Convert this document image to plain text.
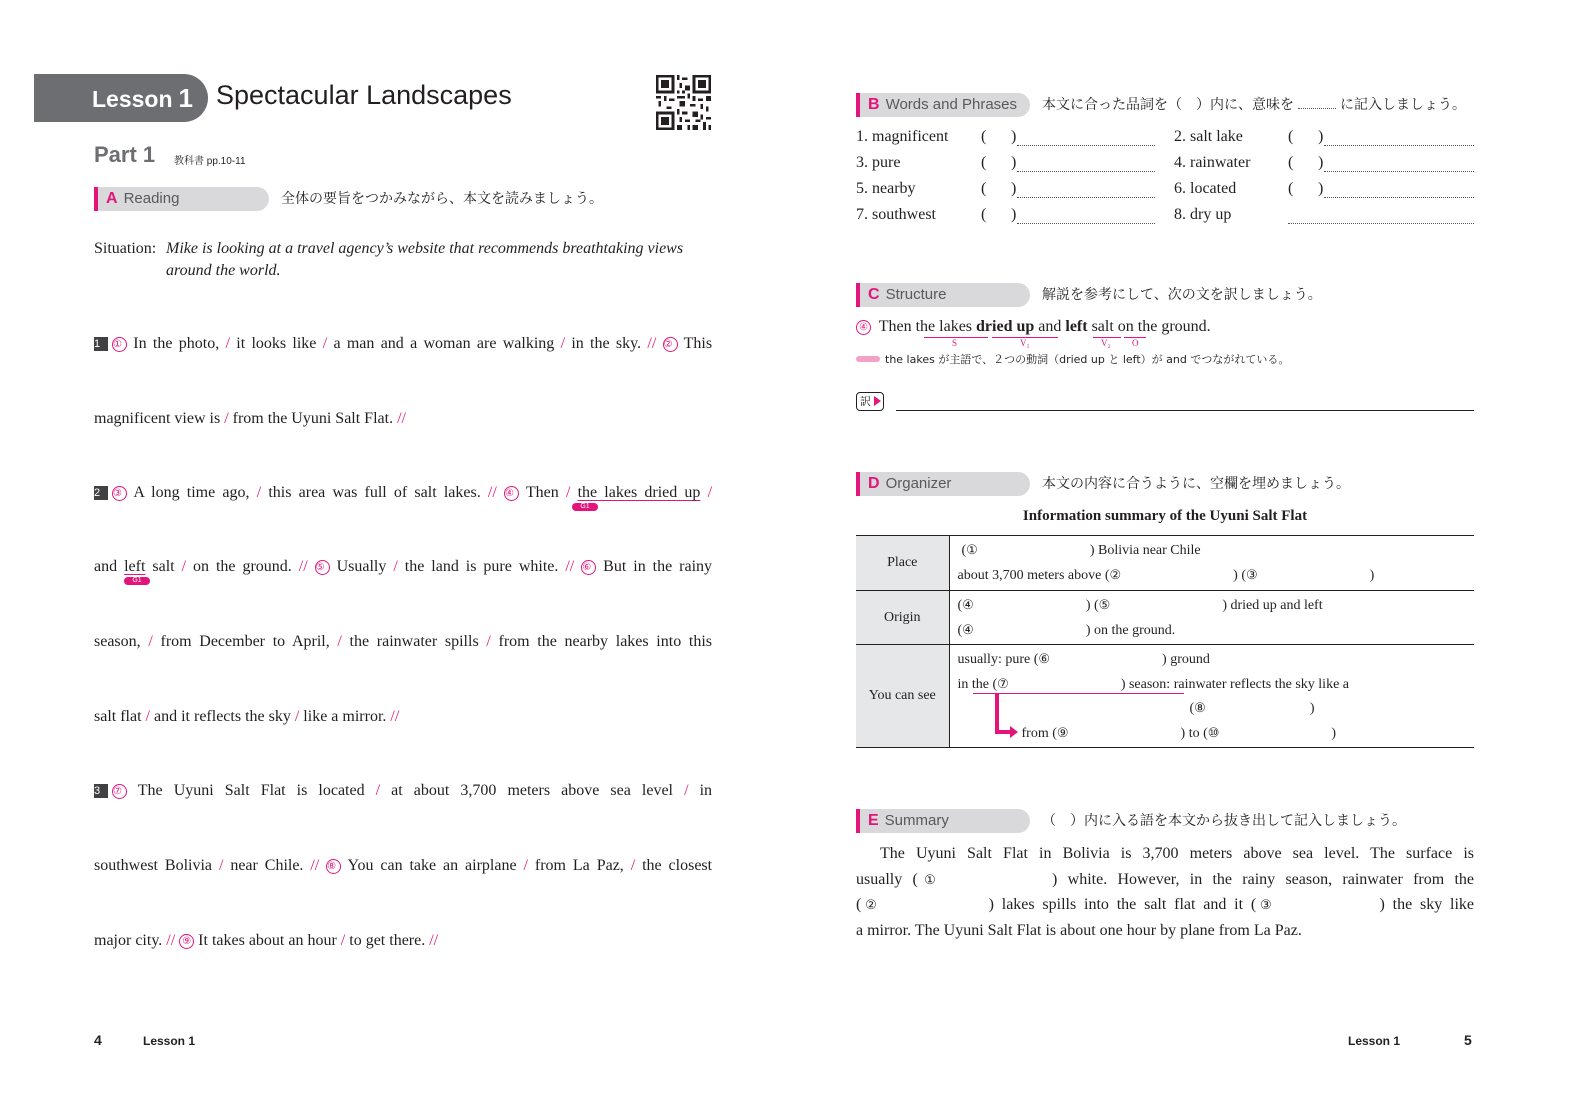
Lesson 1 Spectacular Landscapes
Part 1 教科書 pp.10-11
A Reading	全体の要旨をつかみながら、本文を読みましょう。
Situation: Mike is looking at a travel agency’s website that recommends breathtaking views
around the world.
1 ① In the photo, / it looks like / a man and a woman are walking / in the sky. // ② This
magnificent view is / from the Uyuni Salt Flat. //
2 ③ A long time ago, / this area was full of salt lakes. // ④ Then / the lakes dried up /
G1
and left salt / on the ground. // ⑤ Usually / the land is pure white. // ⑥ But in the rainy
G1
season, / from December to April, / the rainwater spills / from the nearby lakes into this
salt flat / and it reflects the sky / like a mirror. //
3 ⑦ The Uyuni Salt Flat is located / at about 3,700 meters above sea level / in
southwest Bolivia / near Chile. // ⑧ You can take an airplane / from La Paz, / the closest
major city. // ⑨ It takes about an hour / to get there. //
4	Lesson 1
B Words and Phrases	本文に合った品詞を（　）内に、意味を	に記入しましょう。
1. magnificent ( )	2. salt lake	( )
3. pure	( )	4. rainwater ( )
5. nearby	( )	6. located	( )
7. southwest	( )	8. dry up
C Structure	解説を参考にして、次の文を訳しましょう。
④ Then the lakes dried up and left salt on the ground.
S	V₁	V₂ O
the lakes が主語で、２つの動詞（dried up と left）が and でつながれている。
訳
D Organizer	本文の内容に合うように、空欄を埋めましょう。
Information summary of the Uyuni Salt Flat
Place	(① ) Bolivia near Chile
about 3,700 meters above (② ) (③ )

Origin	(④ ) (⑤ ) dried up and left
(④ ) on the ground.

You can see	usually: pure (⑥ ) ground
in the (⑦ ) season: rainwater reflects the sky like a
(⑧ )
from (⑨ ) to (⑩ )
E Summary	（　）内に入る語を本文から抜き出して記入しましょう。
The Uyuni Salt Flat in Bolivia is 3,700 meters above sea level. The surface is
usually (①	) white. However, in the rainy season, rainwater from the
(②	) lakes spills into the salt flat and it (③	) the sky like
a mirror. The Uyuni Salt Flat is about one hour by plane from La Paz.
Lesson 1	5
